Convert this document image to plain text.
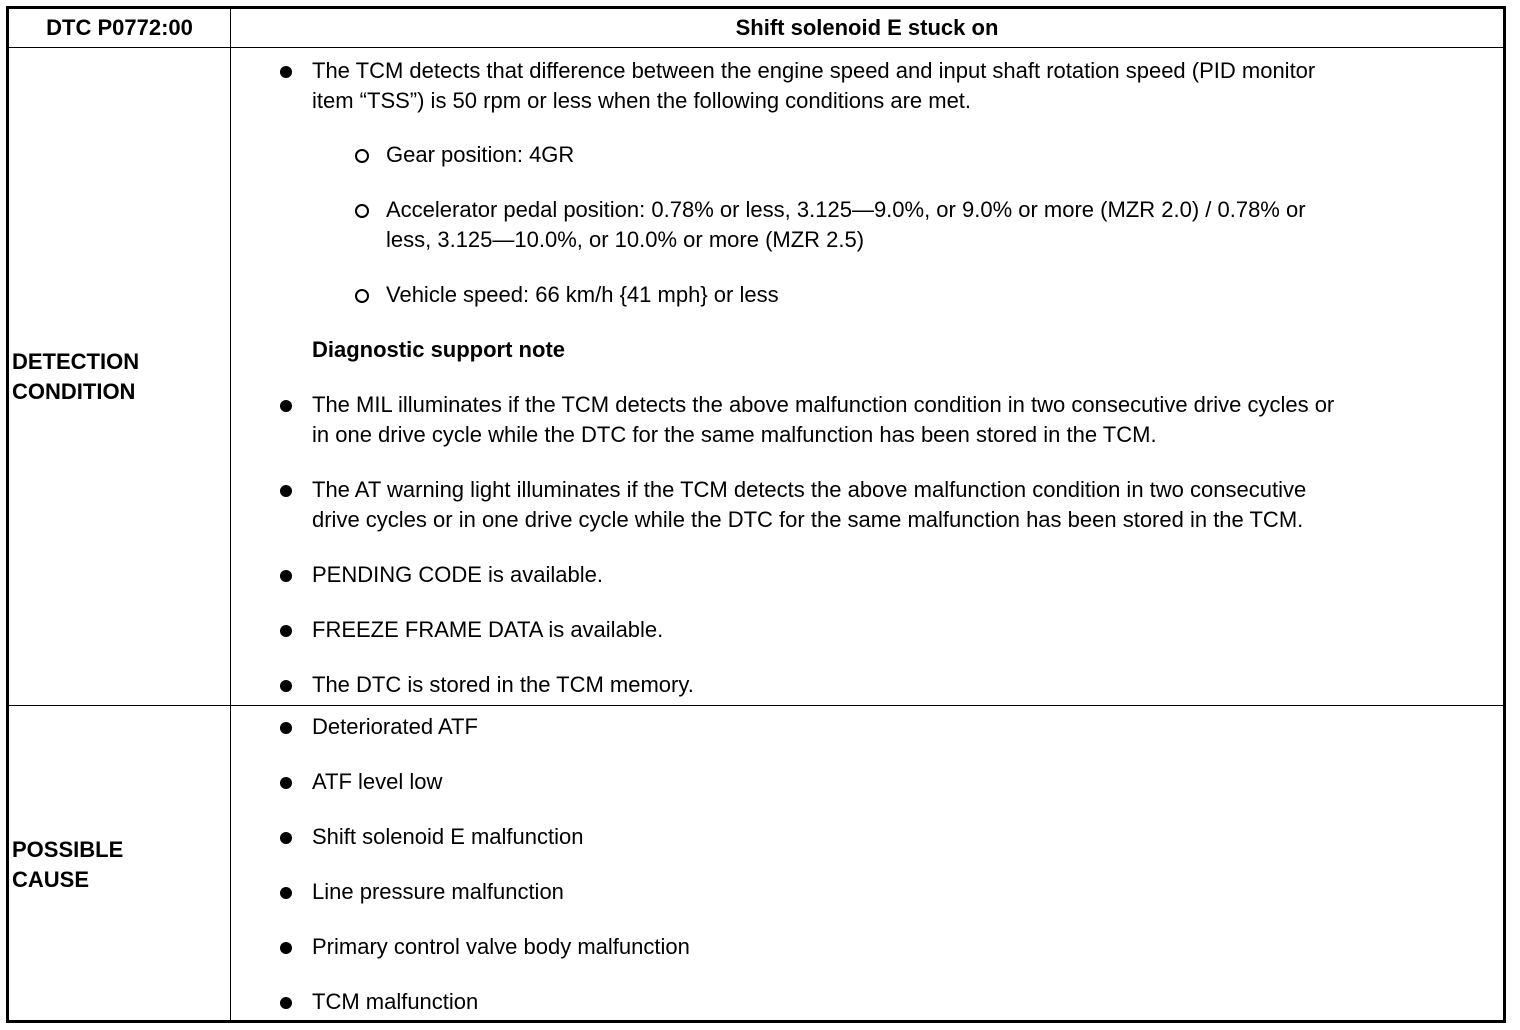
DTC P0772:00	Shift solenoid E stuck on
DETECTION
CONDITION
The TCM detects that difference between the engine speed and input shaft rotation speed (PID monitor
item “TSS”) is 50 rpm or less when the following conditions are met.
Gear position: 4GR
Accelerator pedal position: 0.78% or less, 3.125—9.0%, or 9.0% or more (MZR 2.0) / 0.78% or
less, 3.125—10.0%, or 10.0% or more (MZR 2.5)
Vehicle speed: 66 km/h {41 mph} or less
Diagnostic support note
The MIL illuminates if the TCM detects the above malfunction condition in two consecutive drive cycles or
in one drive cycle while the DTC for the same malfunction has been stored in the TCM.
The AT warning light illuminates if the TCM detects the above malfunction condition in two consecutive
drive cycles or in one drive cycle while the DTC for the same malfunction has been stored in the TCM.
PENDING CODE is available.
FREEZE FRAME DATA is available.
The DTC is stored in the TCM memory.
POSSIBLE
CAUSE
Deteriorated ATF
ATF level low
Shift solenoid E malfunction
Line pressure malfunction
Primary control valve body malfunction
TCM malfunction
